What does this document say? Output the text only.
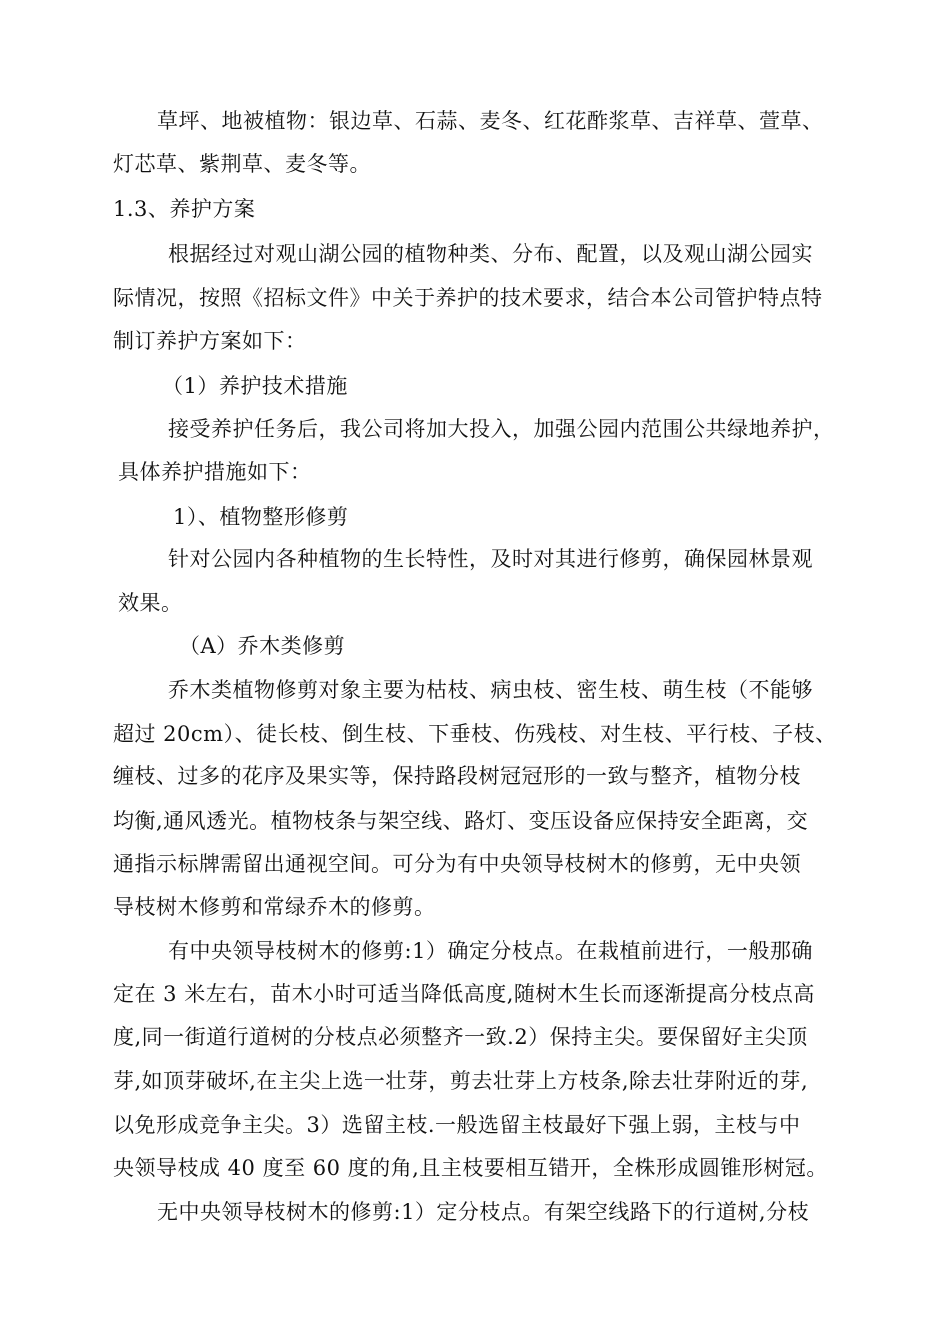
草坪、地被植物：银边草、石蒜、麦冬、红花酢浆草、吉祥草、萱草、

灯芯草、紫荆草、麦冬等。

1.3、养护方案

根据经过对观山湖公园的植物种类、分布、配置，以及观山湖公园实

际情况，按照《招标文件》中关于养护的技术要求，结合本公司管护特点特

制订养护方案如下：

（1）养护技术措施

接受养护任务后，我公司将加大投入，加强公园内范围公共绿地养护，

具体养护措施如下：

1）、植物整形修剪

针对公园内各种植物的生长特性，及时对其进行修剪，确保园林景观

效果。

（A）乔木类修剪

乔木类植物修剪对象主要为枯枝、病虫枝、密生枝、萌生枝（不能够

超过 20cm）、徒长枝、倒生枝、下垂枝、伤残枝、对生枝、平行枝、子枝、

缠枝、过多的花序及果实等，保持路段树冠冠形的一致与整齐，植物分枝

均衡,通风透光。植物枝条与架空线、路灯、变压设备应保持安全距离，交

通指示标牌需留出通视空间。可分为有中央领导枝树木的修剪，无中央领

导枝树木修剪和常绿乔木的修剪。

有中央领导枝树木的修剪:1）确定分枝点。在栽植前进行，一般那确

定在 3 米左右，苗木小时可适当降低高度,随树木生长而逐渐提高分枝点高

度,同一街道行道树的分枝点必须整齐一致.2）保持主尖。要保留好主尖顶

芽,如顶芽破坏,在主尖上选一壮芽，剪去壮芽上方枝条,除去壮芽附近的芽,

以免形成竞争主尖。3）选留主枝.一般选留主枝最好下强上弱，主枝与中

央领导枝成 40 度至 60 度的角,且主枝要相互错开，全株形成圆锥形树冠。

无中央领导枝树木的修剪:1）定分枝点。有架空线路下的行道树,分枝
